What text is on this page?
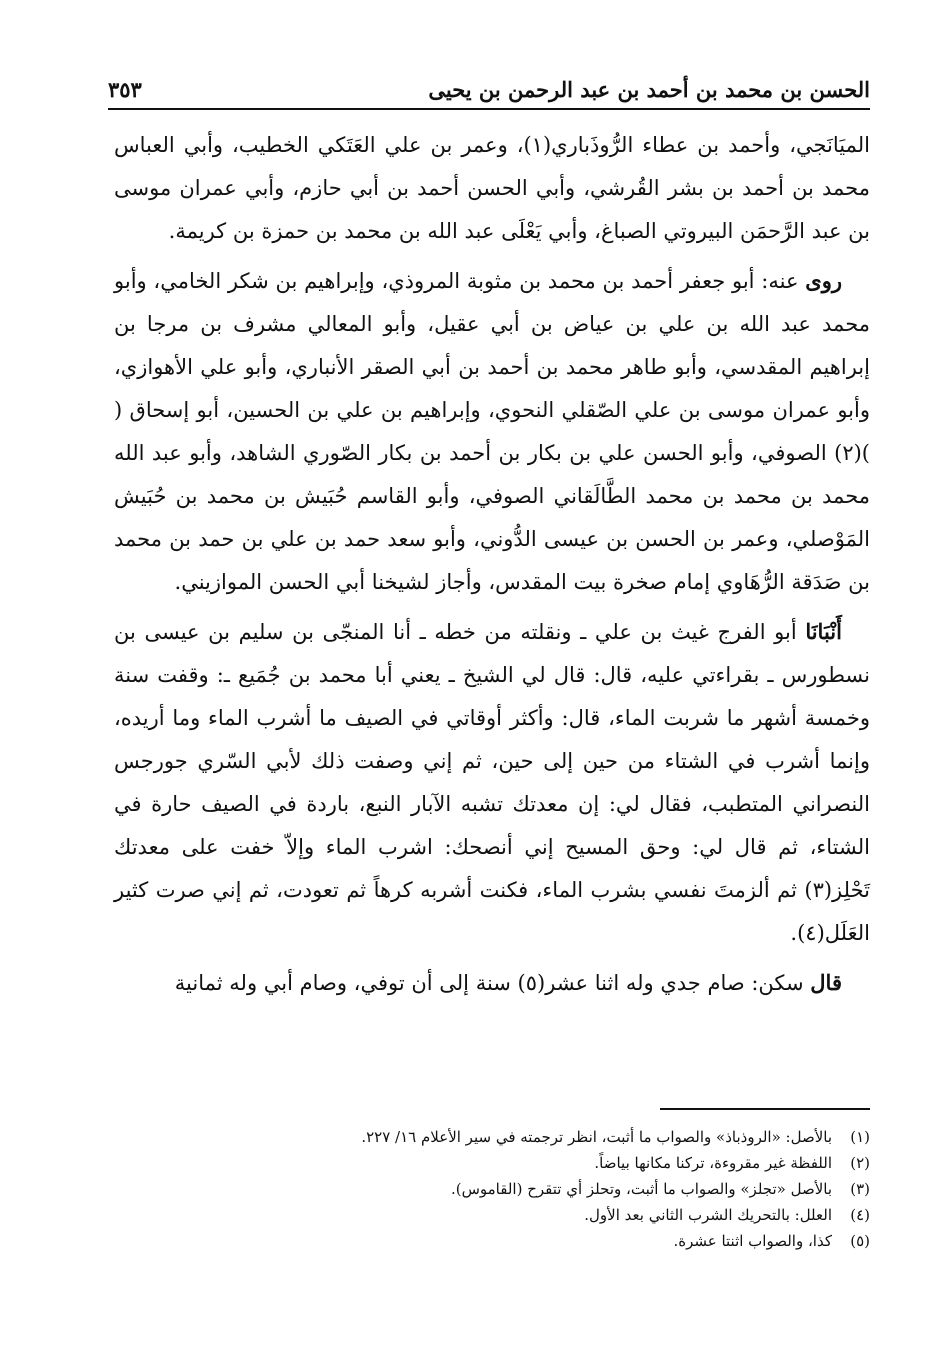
الحسن بن محمد بن أحمد بن عبد الرحمن بن يحيى
٣٥٣

الميَانَجي، وأحمد بن عطاء الرُّوذَباري(١)، وعمر بن علي العَتَكي الخطيب، وأبي العباس محمد بن أحمد بن بشر القُرشي، وأبي الحسن أحمد بن أبي حازم، وأبي عمران موسى بن عبد الرَّحمَن البيروتي الصباغ، وأبي يَعْلَى عبد الله بن محمد بن حمزة بن كريمة.

روى عنه: أبو جعفر أحمد بن محمد بن مثوبة المروذي، وإبراهيم بن شكر الخامي، وأبو محمد عبد الله بن علي بن عياض بن أبي عقيل، وأبو المعالي مشرف بن مرجا بن إبراهيم المقدسي، وأبو طاهر محمد بن أحمد بن أبي الصقر الأنباري، وأبو علي الأهوازي، وأبو عمران موسى بن علي الصّقلي النحوي، وإبراهيم بن علي بن الحسين، أبو إسحاق ( )(٢) الصوفي، وأبو الحسن علي بن بكار بن أحمد بن بكار الصّوري الشاهد، وأبو عبد الله محمد بن محمد بن محمد الطَّالَقاني الصوفي، وأبو القاسم حُبَيش بن محمد بن حُبَيش المَوْصلي، وعمر بن الحسن بن عيسى الدُّوني، وأبو سعد حمد بن علي بن حمد بن محمد بن صَدَقة الرُّهَاوي إمام صخرة بيت المقدس، وأجاز لشيخنا أبي الحسن الموازيني.

أَنْبَانَا أبو الفرج غيث بن علي ـ ونقلته من خطه ـ أنا المنجّى بن سليم بن عيسى بن نسطورس ـ بقراءتي عليه، قال: قال لي الشيخ ـ يعني أبا محمد بن جُمَيع ـ: وقفت سنة وخمسة أشهر ما شربت الماء، قال: وأكثر أوقاتي في الصيف ما أشرب الماء وما أريده، وإنما أشرب في الشتاء من حين إلى حين، ثم إني وصفت ذلك لأبي السّري جورجس النصراني المتطبب، فقال لي: إن معدتك تشبه الآبار النبع، باردة في الصيف حارة في الشتاء، ثم قال لي: وحق المسيح إني أنصحك: اشرب الماء وإلاّ خفت على معدتك تَحْلِز(٣) ثم ألزمتَ نفسي بشرب الماء، فكنت أشربه كرهاً ثم تعودت، ثم إني صرت كثير العَلَل(٤).

قال سكن: صام جدي وله اثنا عشر(٥) سنة إلى أن توفي، وصام أبي وله ثمانية

(١)
بالأصل: «الروذباذ» والصواب ما أثبت، انظر ترجمته في سير الأعلام ١٦/ ٢٢٧.
(٢)
اللفظة غير مقروءة، تركنا مكانها بياضاً.
(٣)
بالأصل «تجلز» والصواب ما أثبت، وتحلز أي تتقرح (القاموس).
(٤)
العلل: بالتحريك الشرب الثاني بعد الأول.
(٥)
كذا، والصواب اثنتا عشرة.
